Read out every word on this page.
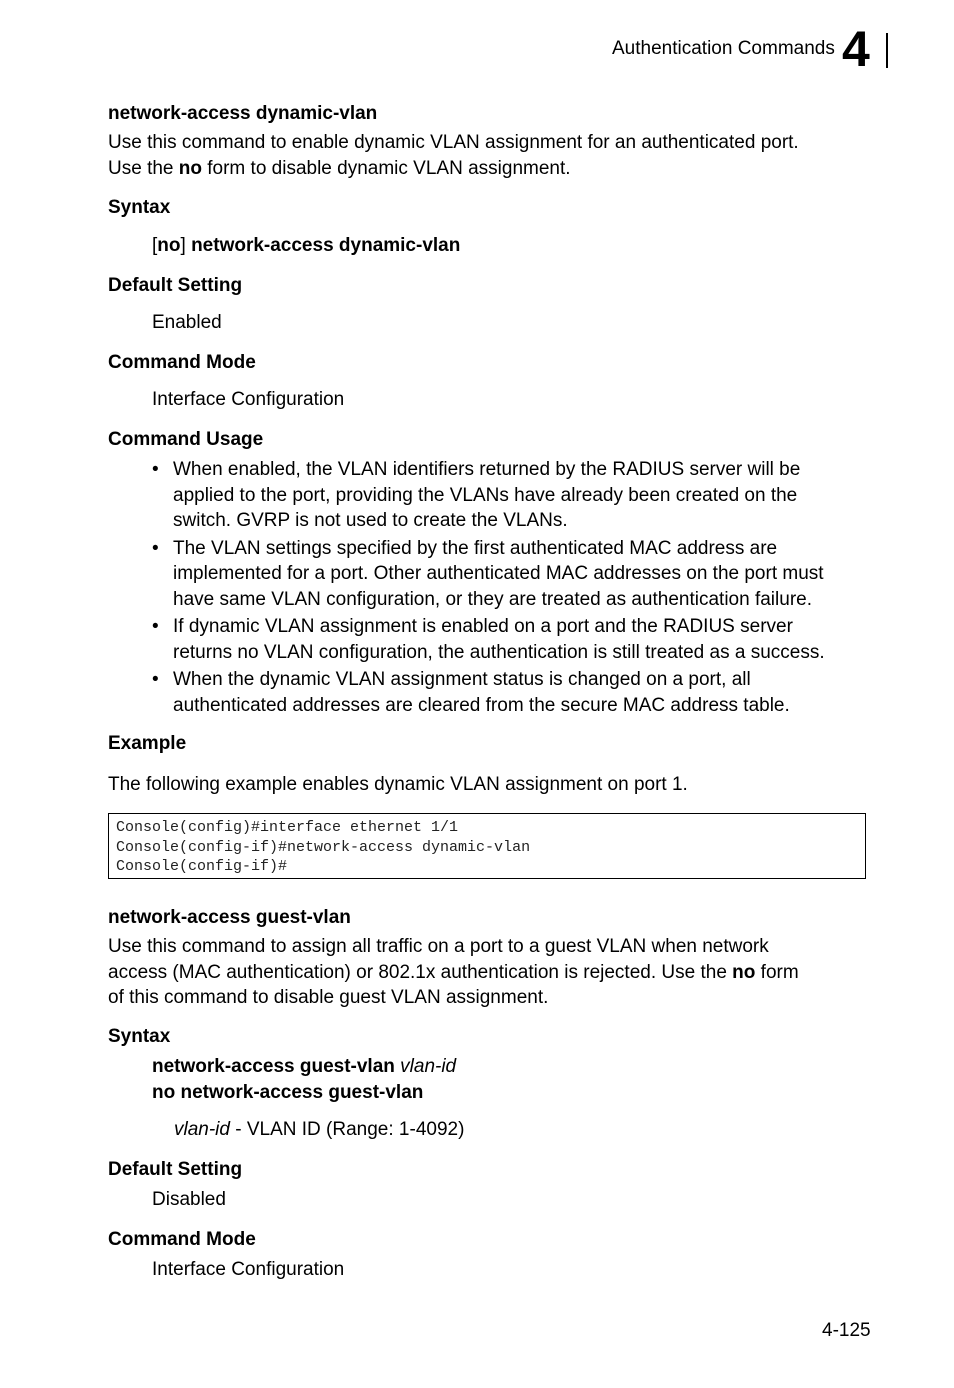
Authentication Commands 4
network-access dynamic-vlan
Use this command to enable dynamic VLAN assignment for an authenticated port.
Use the no form to disable dynamic VLAN assignment.
Syntax
[no] network-access dynamic-vlan
Default Setting
Enabled
Command Mode
Interface Configuration
Command Usage
• When enabled, the VLAN identifiers returned by the RADIUS server will be
applied to the port, providing the VLANs have already been created on the
switch. GVRP is not used to create the VLANs.
• The VLAN settings specified by the first authenticated MAC address are
implemented for a port. Other authenticated MAC addresses on the port must
have same VLAN configuration, or they are treated as authentication failure.
• If dynamic VLAN assignment is enabled on a port and the RADIUS server
returns no VLAN configuration, the authentication is still treated as a success.
• When the dynamic VLAN assignment status is changed on a port, all
authenticated addresses are cleared from the secure MAC address table.
Example
The following example enables dynamic VLAN assignment on port 1.
Console(config)#interface ethernet 1/1
Console(config-if)#network-access dynamic-vlan
Console(config-if)#
network-access guest-vlan
Use this command to assign all traffic on a port to a guest VLAN when network
access (MAC authentication) or 802.1x authentication is rejected. Use the no form
of this command to disable guest VLAN assignment.
Syntax
network-access guest-vlan vlan-id
no network-access guest-vlan
vlan-id - VLAN ID (Range: 1-4092)
Default Setting
Disabled
Command Mode
Interface Configuration
4-125
